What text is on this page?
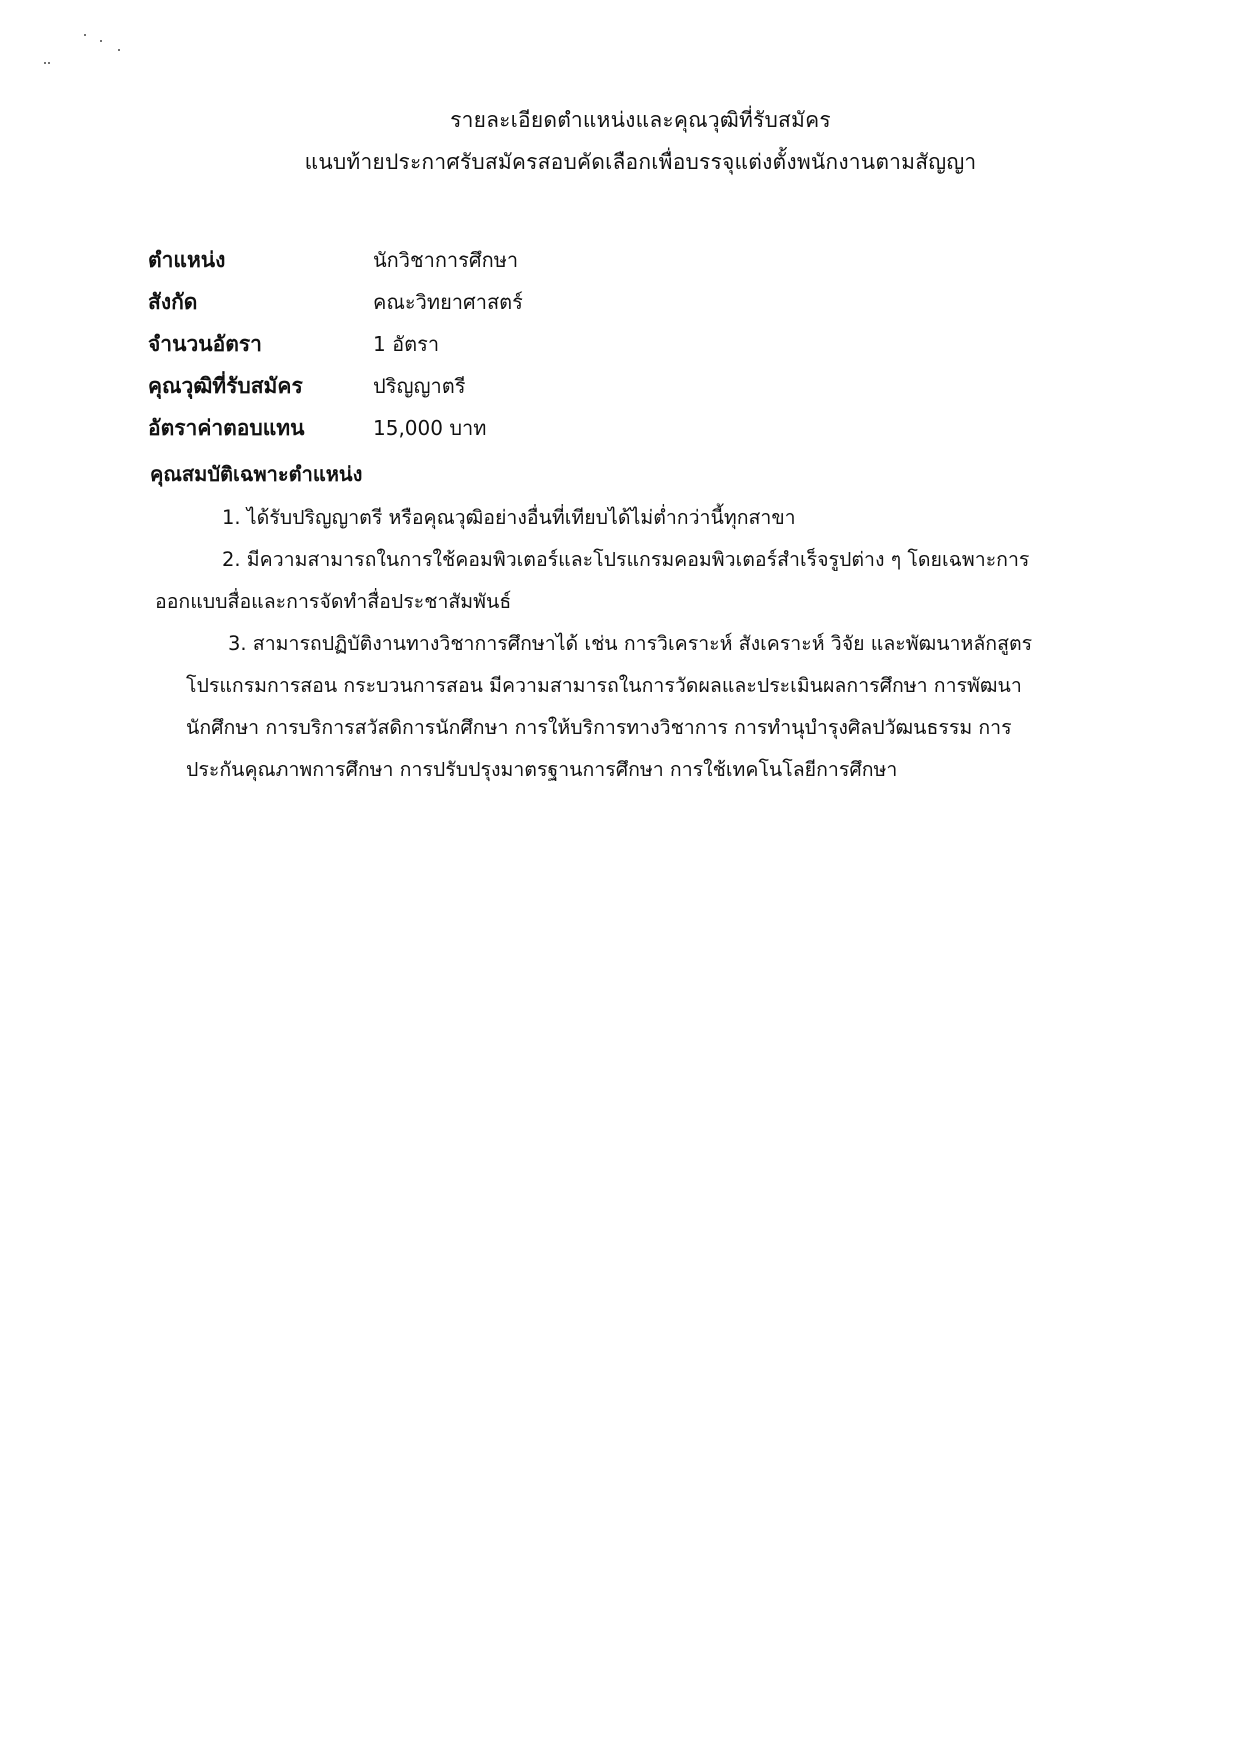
รายละเอียดตำแหน่งและคุณวุฒิที่รับสมัคร
แนบท้ายประกาศรับสมัครสอบคัดเลือกเพื่อบรรจุแต่งตั้งพนักงานตามสัญญา
ตำแหน่ง	นักวิชาการศึกษา
สังกัด	คณะวิทยาศาสตร์
จำนวนอัตรา	1 อัตรา
คุณวุฒิที่รับสมัคร	ปริญญาตรี
อัตราค่าตอบแทน	15,000 บาท
คุณสมบัติเฉพาะตำแหน่ง
1. ได้รับปริญญาตรี หรือคุณวุฒิอย่างอื่นที่เทียบได้ไม่ต่ำกว่านี้ทุกสาขา
2. มีความสามารถในการใช้คอมพิวเตอร์และโปรแกรมคอมพิวเตอร์สำเร็จรูปต่าง ๆ โดยเฉพาะการ
ออกแบบสื่อและการจัดทำสื่อประชาสัมพันธ์
3. สามารถปฏิบัติงานทางวิชาการศึกษาได้ เช่น การวิเคราะห์ สังเคราะห์ วิจัย และพัฒนาหลักสูตร
โปรแกรมการสอน กระบวนการสอน มีความสามารถในการวัดผลและประเมินผลการศึกษา การพัฒนา
นักศึกษา การบริการสวัสดิการนักศึกษา การให้บริการทางวิชาการ การทำนุบำรุงศิลปวัฒนธรรม การ
ประกันคุณภาพการศึกษา การปรับปรุงมาตรฐานการศึกษา การใช้เทคโนโลยีการศึกษา
